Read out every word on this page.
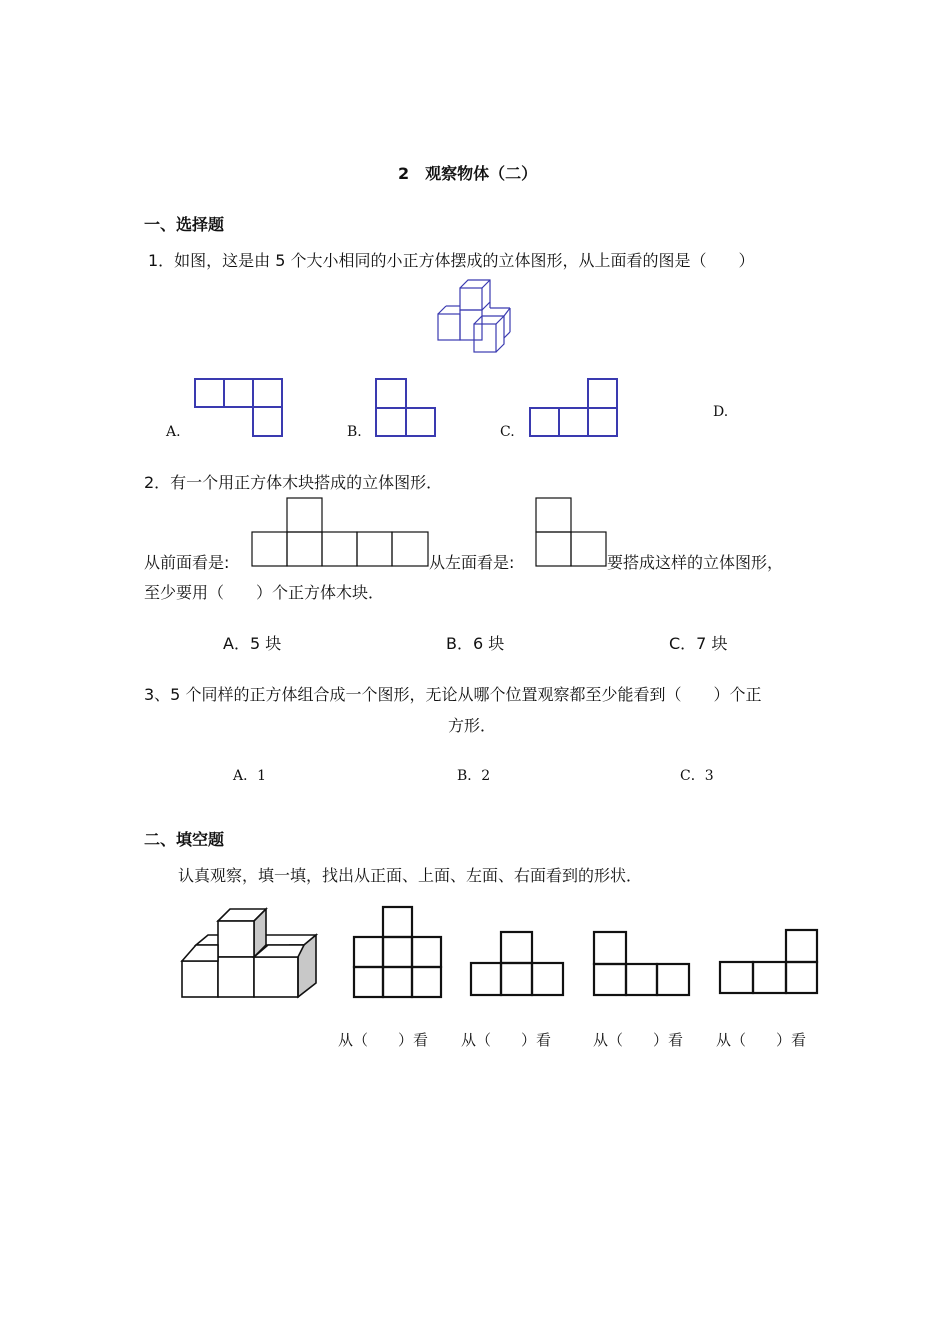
2　观察物体（二）
一、选择题
1．如图，这是由 5 个大小相同的小正方体摆成的立体图形，从上面看的图是（　　）
A.	B.	C.
D.
2．有一个用正方体木块搭成的立体图形．
从前面看是:	从左面看是:	要搭成这样的立体图形，
至少要用（　　）个正方体木块．
A．5 块	B．6 块	C．7 块
3、5 个同样的正方体组合成一个图形，无论从哪个位置观察都至少能看到（　　）个正
方形．
A．1	B．2	C．3
二、填空题
认真观察，填一填，找出从正面、上面、左面、右面看到的形状．
从（　　）看 从（　　）看	从（　　）看 从（　　）看
